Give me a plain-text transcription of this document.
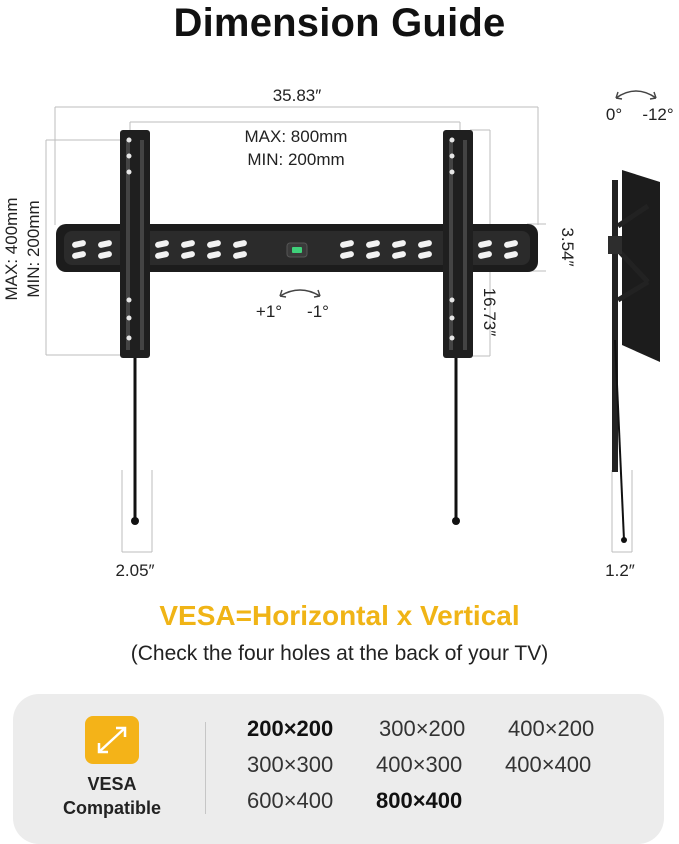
Dimension Guide
35.83″
MAX: 800mm
MIN: 200mm
MAX: 400mm MIN: 200mm	3.54″
16.73″
+1° -1°
2.05″
0° -12°
1.2″
VESA=Horizontal x Vertical
(Check the four holes at the back of your TV)
VESA
Compatible
200×200 300×200 400×200
300×300 400×300 400×400
600×400 800×400
